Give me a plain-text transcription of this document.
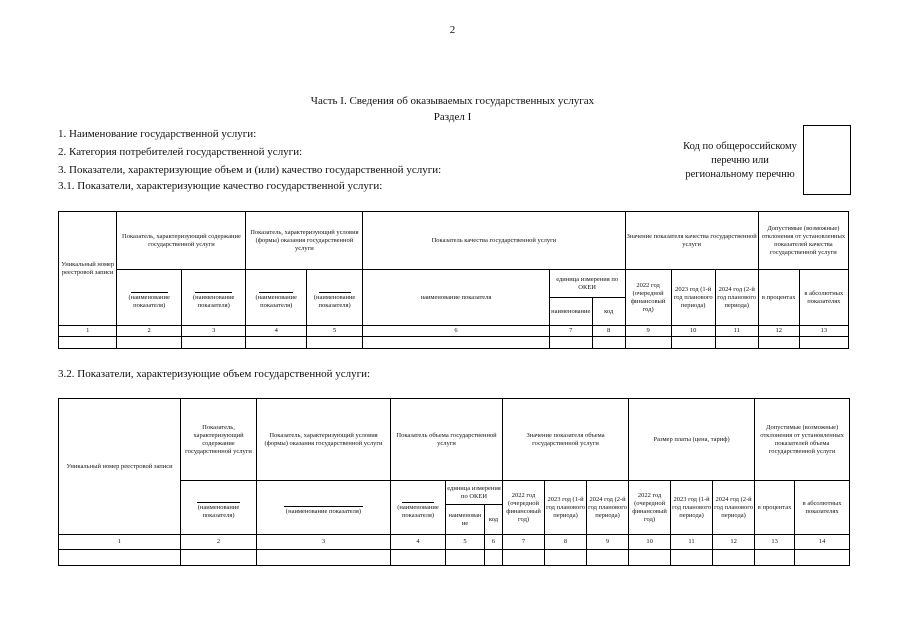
2
Часть I. Сведения об оказываемых государственных услугах
Раздел I
1. Наименование государственной услуги:
2. Категория потребителей государственной услуги:
3. Показатели, характеризующие объем и (или) качество государственной услуги:
3.1. Показатели, характеризующие качество государственной услуги:
Код по общероссийскому
перечню или
региональному перечню
Уникальный номер реестровой записи	Показатель, характеризующий содержание государственной услуги		Показатель, характеризующий условия (формы) оказания государственной услуги		Показатель качества государственной услуги			Значение показателя качества государственной услуги			Допустимые (возможные) отклонения от установленных показателей качества государственной услуги	

(наименование показателя)	(наименование показателя)	(наименование показателя)	(наименование показателя)	наименование показателя	единица измерения по ОКЕИ		2022 год (очередной финансовый год)	2023 год (1-й год планового периода)	2024 год (2-й год планового периода)	в процентах	в абсолютных показателях
						наименование	код					
1	2	3	4	5	6	7	8	9	10	11	12	13

3.2. Показатели, характеризующие объем государственной услуги:
Уникальный номер реестровой записи	Показатель, характеризующий содержание государственной услуги	Показатель, характеризующий условия (формы) оказания государственной услуги	Показатель объема государственной услуги			Значение показателя объема государственной услуги			Размер платы (цена, тариф)			Допустимые (возможные) отклонения от установленных показателей объема государственной услуги	

(наименование показателя)	(наименование показателя)	(наименование показателя)	единица измерения по ОКЕИ		2022 год (очередной финансовый год)	2023 год (1-й год планового периода)	2024 год (2-й год планового периода)	2022 год (очередной финансовый год)	2023 год (1-й год планового периода)	2024 год (2-й год планового периода)	в процентах	в абсолютных показателях
				наименование	код								
1	2	3	4	5	6	7	8	9	10	11	12	13	14
